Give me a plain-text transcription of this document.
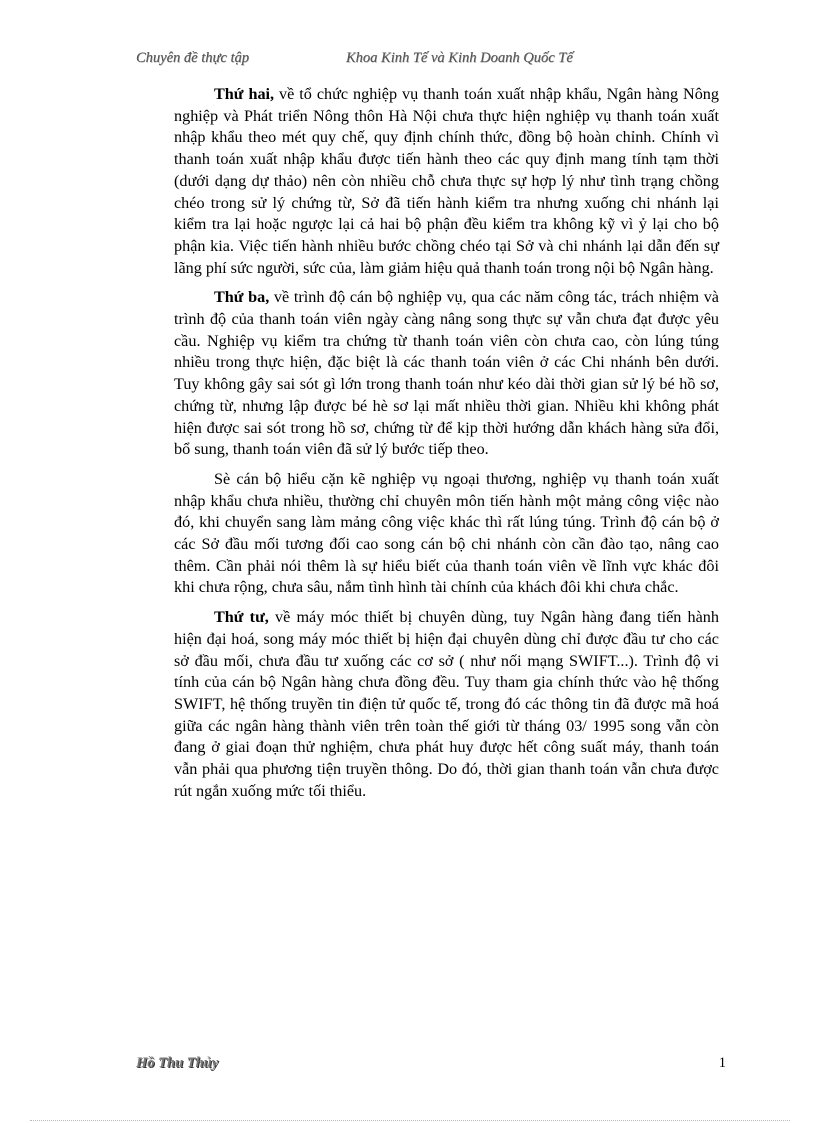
Chuyên đề thực tập	Khoa Kinh Tế và Kinh Doanh Quốc Tế

Thứ hai, về tổ chức nghiệp vụ thanh toán xuất nhập khẩu, Ngân hàng Nông nghiệp và Phát triển Nông thôn Hà Nội chưa thực hiện nghiệp vụ thanh toán xuất nhập khẩu theo mét quy chế, quy định chính thức, đồng bộ hoàn chỉnh. Chính vì thanh toán xuất nhập khẩu được tiến hành theo các quy định mang tính tạm thời (dưới dạng dự thảo) nên còn nhiều chỗ chưa thực sự hợp lý như tình trạng chồng chéo trong sử lý chứng từ, Sở đã tiến hành kiểm tra nhưng xuống chi nhánh lại kiểm tra lại hoặc ngược lại cả hai bộ phận đều kiểm tra không kỹ vì ỷ lại cho bộ phận kia. Việc tiến hành nhiều bước chồng chéo tại Sở và chi nhánh lại dẫn đến sự lãng phí sức người, sức của, làm giảm hiệu quả thanh toán trong nội bộ Ngân hàng.

Thứ ba, về trình độ cán bộ nghiệp vụ, qua các năm công tác, trách nhiệm và trình độ của thanh toán viên ngày càng nâng song thực sự vẫn chưa đạt được yêu cầu. Nghiệp vụ kiểm tra chứng từ thanh toán viên còn chưa cao, còn lúng túng nhiều trong thực hiện, đặc biệt là các thanh toán viên ở các Chi nhánh bên dưới. Tuy không gây sai sót gì lớn trong thanh toán như kéo dài thời gian sử lý bé hồ sơ, chứng từ, nhưng lập được bé hè sơ lại mất nhiều thời gian. Nhiều khi không phát hiện được sai sót trong hồ sơ, chứng từ để kịp thời hướng dẫn khách hàng sửa đổi, bổ sung, thanh toán viên đã sử lý bước tiếp theo.

Sè cán bộ hiểu cặn kẽ nghiệp vụ ngoại thương, nghiệp vụ thanh toán xuất nhập khẩu chưa nhiều, thường chỉ chuyên môn tiến hành một mảng công việc nào đó, khi chuyển sang làm mảng công việc khác thì rất lúng túng. Trình độ cán bộ ở các Sở đầu mối tương đối cao song cán bộ chi nhánh còn cần đào tạo, nâng cao thêm. Cần phải nói thêm là sự hiểu biết của thanh toán viên về lĩnh vực khác đôi khi chưa rộng, chưa sâu, nắm tình hình tài chính của khách đôi khi chưa chắc.

Thứ tư, về máy móc thiết bị chuyên dùng, tuy Ngân hàng đang tiến hành hiện đại hoá, song máy móc thiết bị hiện đại chuyên dùng chỉ được đầu tư cho các sở đầu mối, chưa đầu tư xuống các cơ sở ( như nối mạng SWIFT...). Trình độ vi tính của cán bộ Ngân hàng chưa đồng đều. Tuy tham gia chính thức vào hệ thống SWIFT, hệ thống truyền tin điện tử quốc tế, trong đó các thông tin đã được mã hoá giữa các ngân hàng thành viên trên toàn thế giới từ tháng 03/ 1995 song vẫn còn đang ở giai đoạn thử nghiệm, chưa phát huy được hết công suất máy, thanh toán vẫn phải qua phương tiện truyền thông. Do đó, thời gian thanh toán vẫn chưa được rút ngắn xuống mức tối thiểu.

Hồ Thu Thủy	1
